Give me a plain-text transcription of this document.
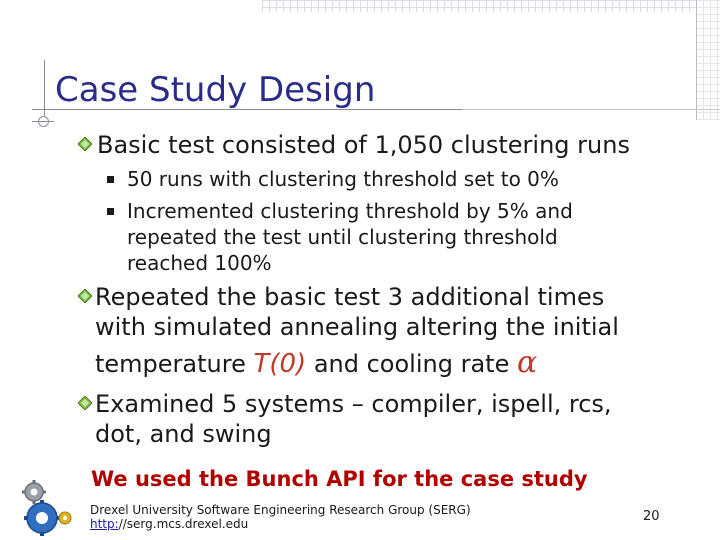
Case Study Design
Basic test consisted of 1,050 clustering runs
50 runs with clustering threshold set to 0%
Incremented clustering threshold by 5% and
repeated the test until clustering threshold
reached 100%
Repeated the basic test 3 additional times
with simulated annealing altering the initial
temperature T(0) and cooling rate α
Examined 5 systems – compiler, ispell, rcs,
dot, and swing
We used the Bunch API for the case study
Drexel University Software Engineering Research Group (SERG)
http://serg.mcs.drexel.edu	20
